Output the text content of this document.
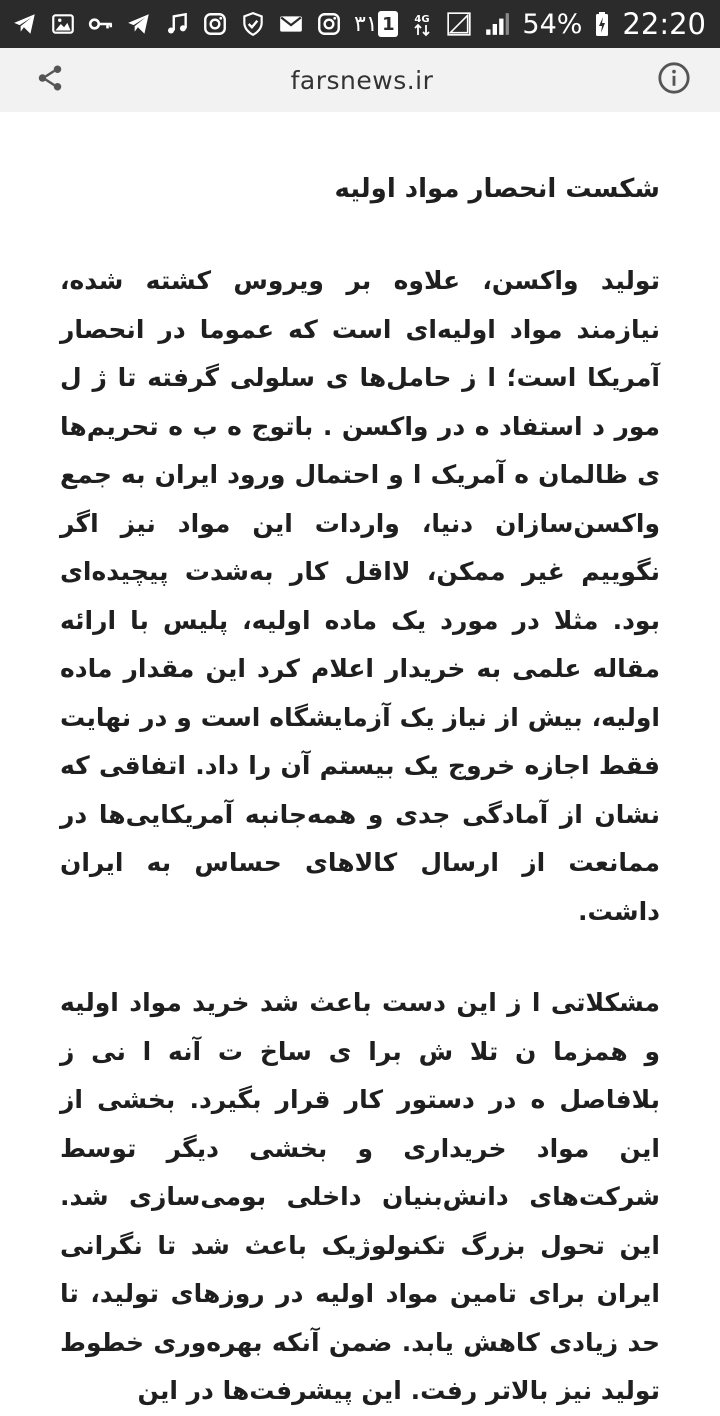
۳۱ 1	4G	54% 22:20
farsnews.ir
شکست انحصار مواد اولیه

تولید واکسن، علاوه بر ویروس کشته شده، نیازمند مواد اولیه‌ای است که عموما در انحصار آمریکا است؛ ا ز حامل‌ها ی سلولی گرفته تا ژ ل مور د استفاد ه در واکسن . باتوج ه ب ه تحریم‌ها ی ظالمان ه آمریک ا و احتمال ورود ایران به جمع واکسن‌سازان دنیا، واردات این مواد نیز اگر نگوییم غیر ممکن، لااقل کار به‌شدت پیچیده‌ای بود. مثلا در مورد یک ماده اولیه، پلیس با ارائه مقاله علمی به خریدار اعلام کرد این مقدار ماده اولیه، بیش از نیاز یک آزمایشگاه است و در نهایت فقط اجازه خروج یک بیستم آن را داد. اتفاقی که نشان از آمادگی جدی و همه‌جانبه آمریکایی‌ها در ممانعت از ارسال کالاهای حساس به ایران داشت.

مشکلاتی ا ز این دست باعث شد خرید مواد اولیه و همزما ن تلا ش برا ی ساخ ت آنه ا نی ز بلافاصل ه در دستور کار قرار بگیرد. بخشی از این مواد خریداری و بخشی دیگر توسط شرکت‌های دانش‌بنیان داخلی بومی‌سازی شد. این تحول بزرگ تکنولوژیک باعث شد تا نگرانی ایران برای تامین مواد اولیه در روزهای تولید، تا حد زیادی کاهش یابد. ضمن آنکه بهره‌وری خطوط تولید نیز بالاتر رفت. این پیشرفت‌ها در این
